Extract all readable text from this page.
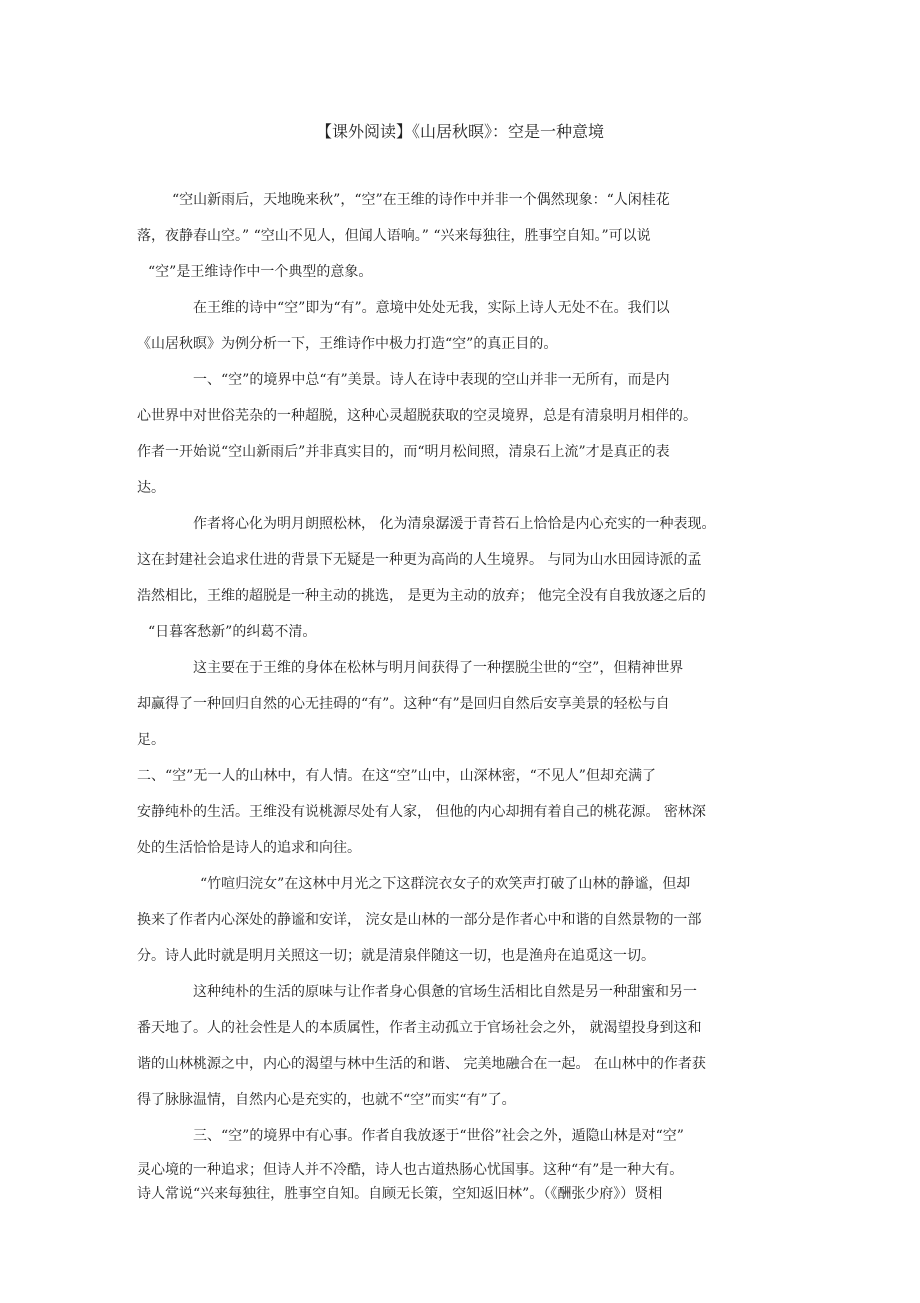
【课外阅读】《山居秋暝》：空是一种意境
“空山新雨后，天地晚来秋”，“空”在王维的诗作中并非一个偶然现象：“人闲桂花
落，夜静春山空。” “空山不见人，但闻人语响。” “兴来每独往，胜事空自知。”可以说
“空”是王维诗作中一个典型的意象。
在王维的诗中“空”即为“有”。意境中处处无我，实际上诗人无处不在。我们以
《山居秋暝》为例分析一下，王维诗作中极力打造“空”的真正目的。
一、“空”的境界中总“有”美景。诗人在诗中表现的空山并非一无所有，而是内
心世界中对世俗芜杂的一种超脱，这种心灵超脱获取的空灵境界，总是有清泉明月相伴的。
作者一开始说“空山新雨后”并非真实目的，而“明月松间照，清泉石上流”才是真正的表
达。
作者将心化为明月朗照松林， 化为清泉潺湲于青苔石上恰恰是内心充实的一种表现。
这在封建社会追求仕进的背景下无疑是一种更为高尚的人生境界。 与同为山水田园诗派的孟
浩然相比，王维的超脱是一种主动的挑选， 是更为主动的放弃； 他完全没有自我放逐之后的
“日暮客愁新”的纠葛不清。
这主要在于王维的身体在松林与明月间获得了一种摆脱尘世的“空”，但精神世界
却赢得了一种回归自然的心无挂碍的“有”。这种“有”是回归自然后安享美景的轻松与自
足。
二、“空”无一人的山林中，有人情。在这“空”山中，山深林密，“不见人”但却充满了
安静纯朴的生活。王维没有说桃源尽处有人家， 但他的内心却拥有着自己的桃花源。 密林深
处的生活恰恰是诗人的追求和向往。
“竹喧归浣女”在这林中月光之下这群浣衣女子的欢笑声打破了山林的静谧，但却
换来了作者内心深处的静谧和安详， 浣女是山林的一部分是作者心中和谐的自然景物的一部
分。诗人此时就是明月关照这一切；就是清泉伴随这一切，也是渔舟在追觅这一切。
这种纯朴的生活的原味与让作者身心俱惫的官场生活相比自然是另一种甜蜜和另一
番天地了。人的社会性是人的本质属性，作者主动孤立于官场社会之外， 就渴望投身到这和
谐的山林桃源之中，内心的渴望与林中生活的和谐、 完美地融合在一起。 在山林中的作者获
得了脉脉温情，自然内心是充实的，也就不“空”而实“有”了。
三、“空”的境界中有心事。作者自我放逐于“世俗”社会之外，遁隐山林是对“空”
灵心境的一种追求；但诗人并不冷酷，诗人也古道热肠心忧国事。这种“有”是一种大有。
诗人常说“兴来每独往，胜事空自知。自顾无长策，空知返旧林”。（《酬张少府》）贤相
